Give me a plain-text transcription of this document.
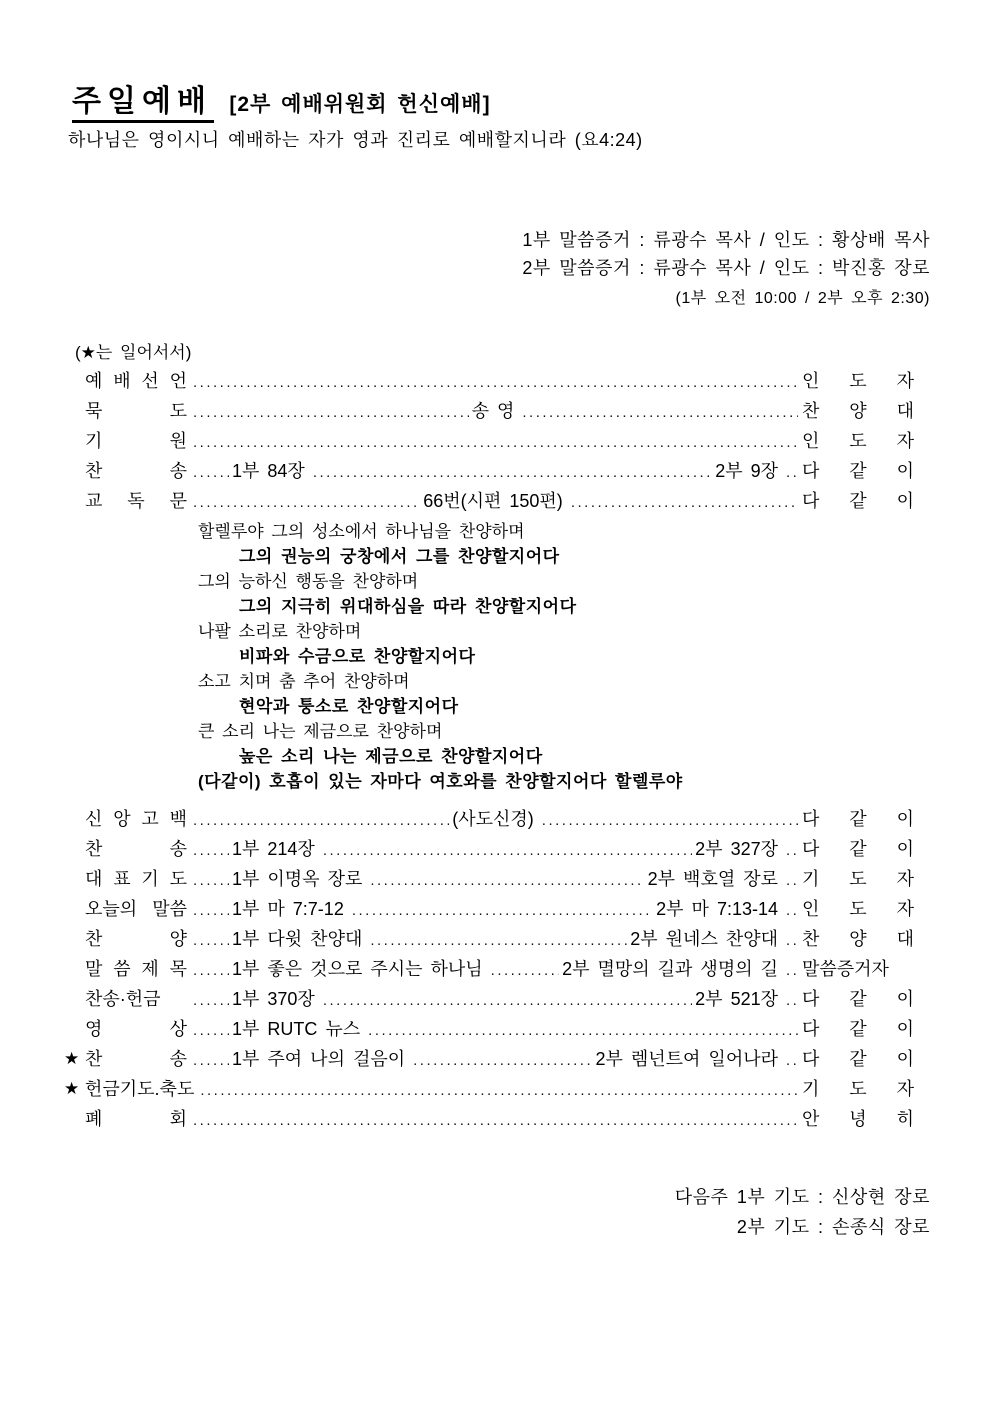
주일예배 [2부 예배위원회 헌신예배]
하나님은 영이시니 예배하는 자가 영과 진리로 예배할지니라 (요4:24)
1부 말씀증거 : 류광수 목사 / 인도 : 황상배 목사
2부 말씀증거 : 류광수 목사 / 인도 : 박진홍 장로
(1부 오전 10:00 / 2부 오후 2:30)
(★는 일어서서)
예 배 선 언 .....	인 도 자
묵 도 .....	송 영 .....	찬 양 대
기 원 .....	인 도 자
찬 송 .....	1부 84장 .....	2부 9장 ..... 다 같 이
교 독 문 .....	66번(시편 150편) .....	다 같 이
할렐루야 그의 성소에서 하나님을 찬양하며
그의 권능의 궁창에서 그를 찬양할지어다
그의 능하신 행동을 찬양하며
그의 지극히 위대하심을 따라 찬양할지어다
나팔 소리로 찬양하며
비파와 수금으로 찬양할지어다
소고 치며 춤 추어 찬양하며
현악과 퉁소로 찬양할지어다
큰 소리 나는 제금으로 찬양하며
높은 소리 나는 제금으로 찬양할지어다
(다같이) 호흡이 있는 자마다 여호와를 찬양할지어다 할렐루야
신 앙 고 백 .....	(사도신경) .....	다 같 이
찬 송 .....	1부 214장 .....	2부 327장 ..... 다 같 이
대 표 기 도 .....	1부 이명옥 장로 .....	2부 백호열 장로 ..... 기 도 자
오늘의 말씀 .....	1부 마 7:7-12 .....	2부 마 7:13-14 ..... 인 도 자
찬 양 .....	1부 다윗 찬양대 .....	2부 원네스 찬양대 ..... 찬 양 대
말 씀 제 목 .....	1부 좋은 것으로 주시는 하나님 .....	2부 멸망의 길과 생명의 길 ..... 말씀증거자
찬송·헌금 .....	1부 370장 .....	2부 521장 ..... 다 같 이
영 상 .....	1부 RUTC 뉴스 .....	다 같 이
★ 찬 송 .....	1부 주여 나의 걸음이 .....	2부 렘넌트여 일어나라 ..... 다 같 이
★ 헌금기도.축도 .....	기 도 자
폐 회 .....	안 녕 히
다음주 1부 기도 : 신상현 장로
2부 기도 : 손종식 장로
